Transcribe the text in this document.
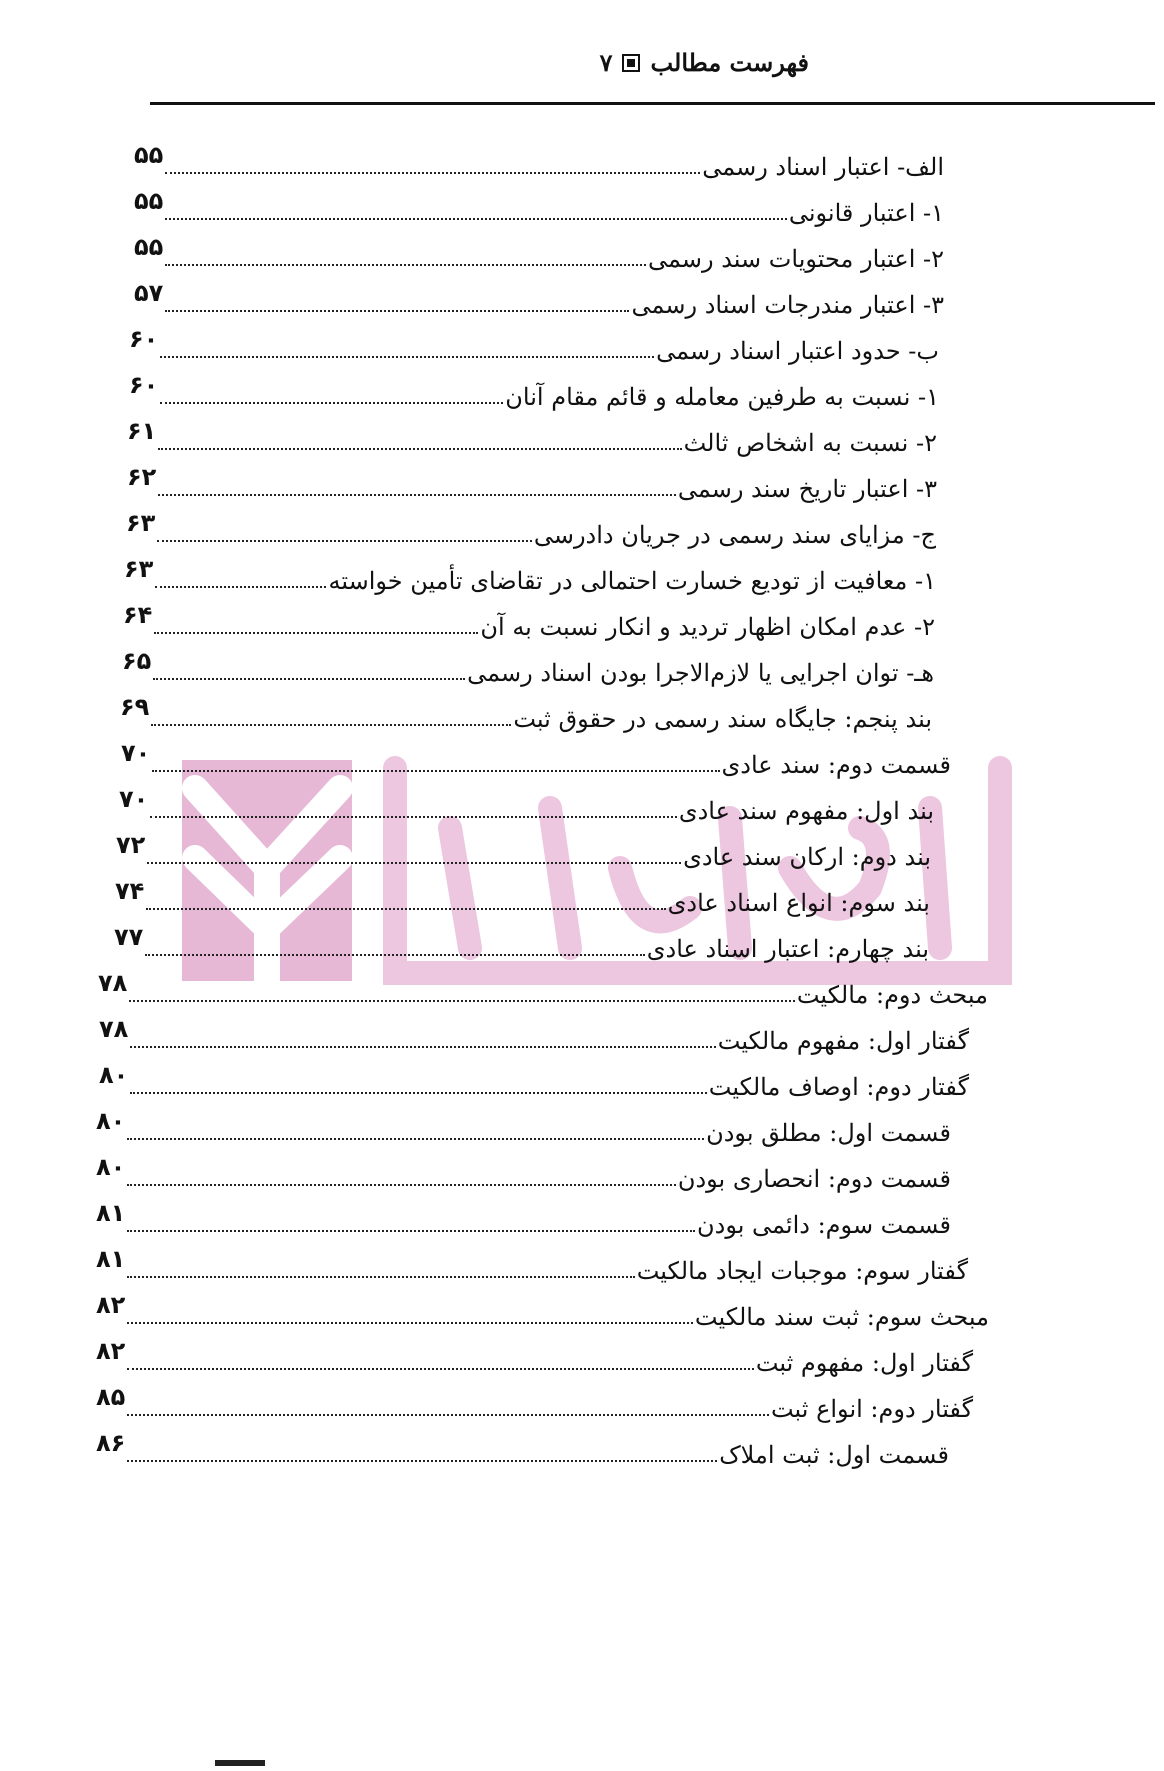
فهرست مطالب
۷
الف- اعتبار اسناد رسمی
۵۵
۱- اعتبار قانونی
۵۵
۲- اعتبار محتویات سند رسمی
۵۵
۳- اعتبار مندرجات اسناد رسمی
۵۷
ب- حدود اعتبار اسناد رسمی
۶۰
۱- نسبت به طرفین معامله و قائم مقام آنان
۶۰
۲- نسبت به اشخاص ثالث
۶۱
۳- اعتبار تاریخ سند رسمی
۶۲
ج- مزایای سند رسمی در جریان دادرسی
۶۳
۱- معافیت از تودیع خسارت احتمالی در تقاضای تأمین خواسته
۶۳
۲- عدم امکان اظهار تردید و انکار نسبت به آن
۶۴
هـ- توان اجرایی یا لازم‌الاجرا بودن اسناد رسمی
۶۵
بند پنجم: جایگاه سند رسمی در حقوق ثبت
۶۹
قسمت دوم: سند عادی
۷۰
بند اول: مفهوم سند عادی
۷۰
بند دوم: ارکان سند عادی
۷۲
بند سوم: انواع اسناد عادی
۷۴
بند چهارم: اعتبار اسناد عادی
۷۷
مبحث دوم: مالکیت
۷۸
گفتار اول: مفهوم مالکیت
۷۸
گفتار دوم: اوصاف مالکیت
۸۰
قسمت اول: مطلق بودن
۸۰
قسمت دوم: انحصاری بودن
۸۰
قسمت سوم: دائمی بودن
۸۱
گفتار سوم: موجبات ایجاد مالکیت
۸۱
مبحث سوم: ثبت سند مالکیت
۸۲
گفتار اول: مفهوم ثبت
۸۲
گفتار دوم: انواع ثبت
۸۵
قسمت اول: ثبت املاک
۸۶
